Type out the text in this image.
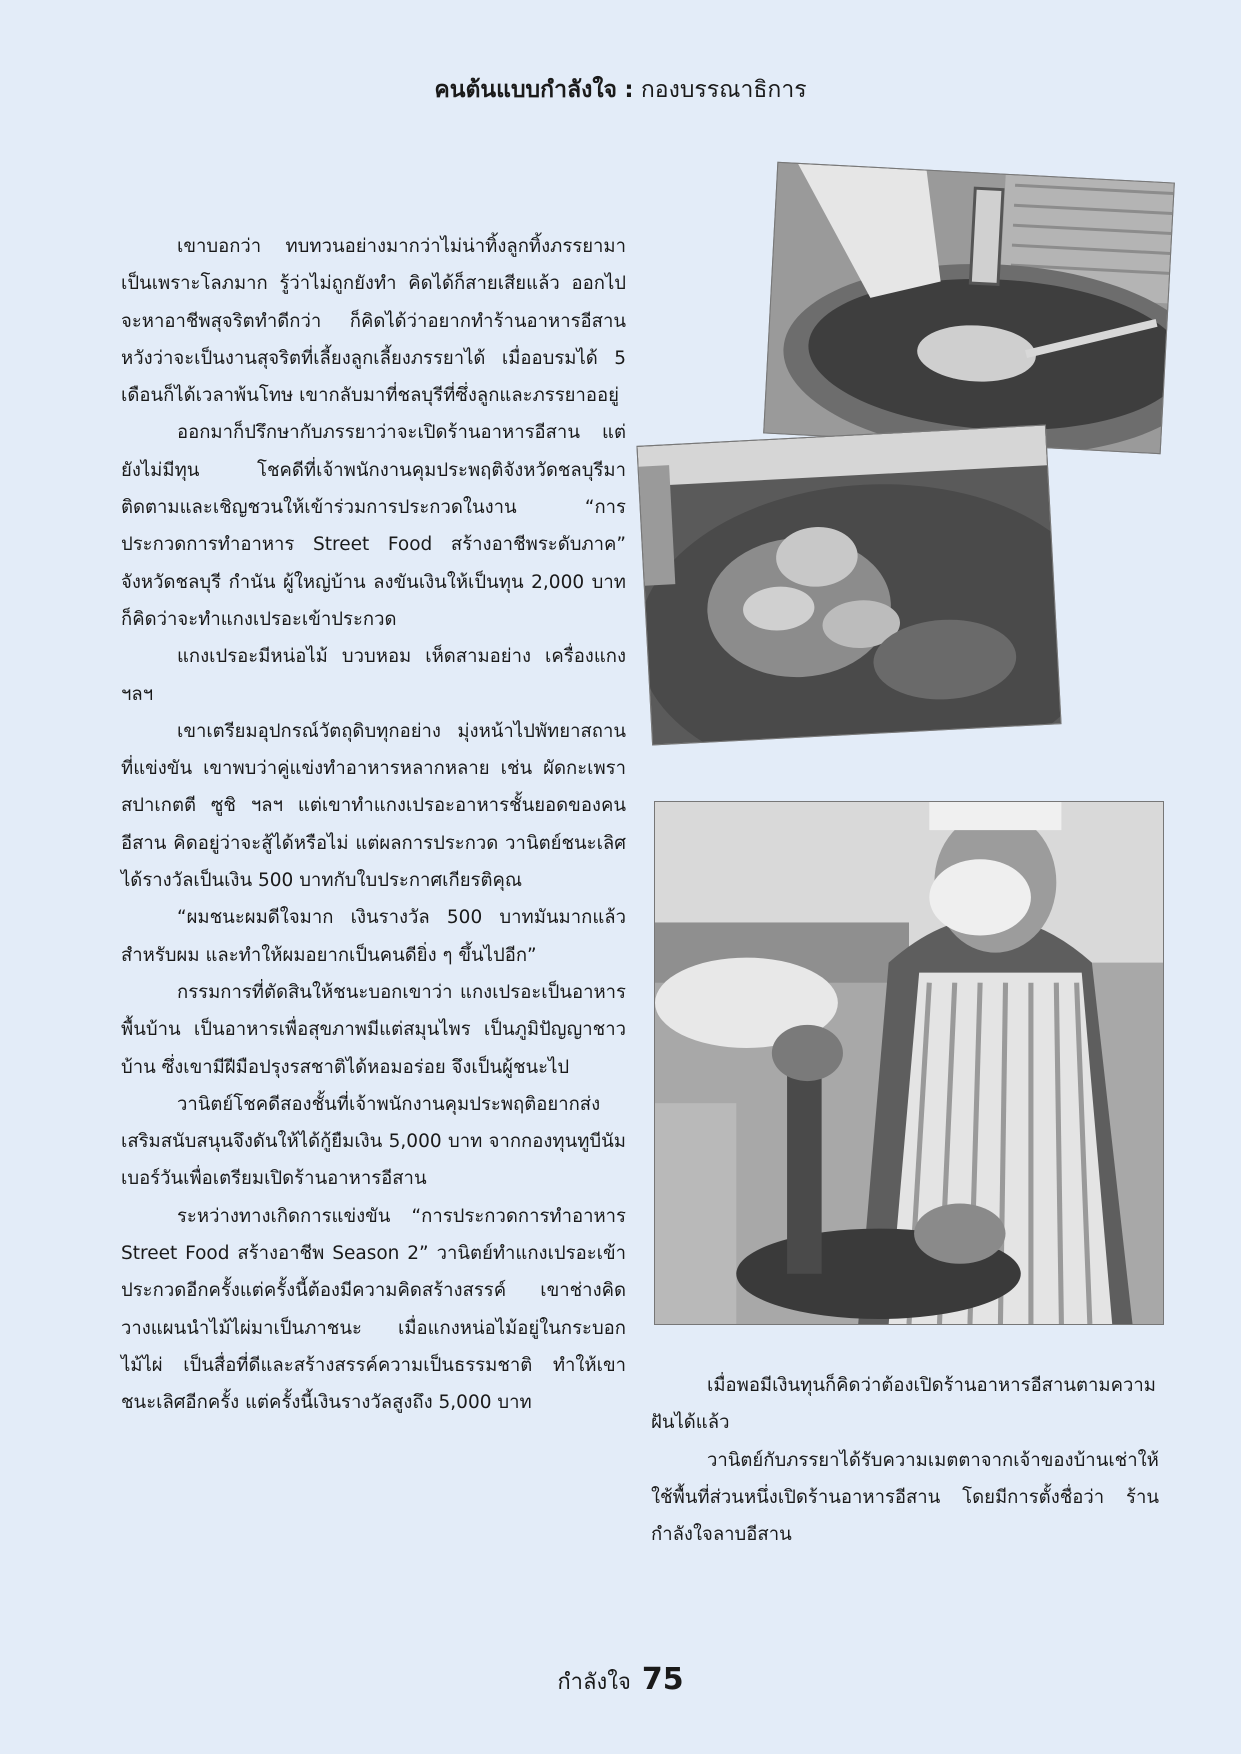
คนต้นแบบกำลังใจ : กองบรรณาธิการ

เขาบอกว่า ทบทวนอย่างมากว่าไม่น่าทิ้งลูกทิ้งภรรยามา เป็นเพราะโลภมาก รู้ว่าไม่ถูกยังทำ คิดได้ก็สายเสียแล้ว ออกไปจะหาอาชีพสุจริตทำดีกว่า ก็คิดได้ว่าอยากทำร้านอาหารอีสาน หวังว่าจะเป็นงานสุจริตที่เลี้ยงลูกเลี้ยงภรรยาได้ เมื่ออบรมได้ 5 เดือนก็ได้เวลาพ้นโทษ เขากลับมาที่ชลบุรีที่ซึ่งลูกและภรรยาออยู่

ออกมาก็ปรึกษากับภรรยาว่าจะเปิดร้านอาหารอีสาน แต่ยังไม่มีทุน โชคดีที่เจ้าพนักงานคุมประพฤติจังหวัดชลบุรีมาติดตามและเชิญชวนให้เข้าร่วมการประกวดในงาน “การประกวดการทำอาหาร Street Food สร้างอาชีพระดับภาค” จังหวัดชลบุรี กำนัน ผู้ใหญ่บ้าน ลงขันเงินให้เป็นทุน 2,000 บาท ก็คิดว่าจะทำแกงเปรอะเข้าประกวด

แกงเปรอะมีหน่อไม้ บวบหอม เห็ดสามอย่าง เครื่องแกง ฯลฯ

เขาเตรียมอุปกรณ์วัตถุดิบทุกอย่าง มุ่งหน้าไปพัทยาสถานที่แข่งขัน เขาพบว่าคู่แข่งทำอาหารหลากหลาย เช่น ผัดกะเพรา สปาเกตตี ซูชิ ฯลฯ แต่เขาทำแกงเปรอะอาหารชั้นยอดของคนอีสาน คิดอยู่ว่าจะสู้ได้หรือไม่ แต่ผลการประกวด วานิตย์ชนะเลิศ ได้รางวัลเป็นเงิน 500 บาทกับใบประกาศเกียรติคุณ

“ผมชนะผมดีใจมาก เงินรางวัล 500 บาทมันมากแล้วสำหรับผม และทำให้ผมอยากเป็นคนดียิ่ง ๆ ขึ้นไปอีก”

กรรมการที่ตัดสินให้ชนะบอกเขาว่า แกงเปรอะเป็นอาหารพื้นบ้าน เป็นอาหารเพื่อสุขภาพมีแต่สมุนไพร เป็นภูมิปัญญาชาวบ้าน ซึ่งเขามีฝีมือปรุงรสชาติได้หอมอร่อย จึงเป็นผู้ชนะไป

วานิตย์โชคดีสองชั้นที่เจ้าพนักงานคุมประพฤติอยากส่งเสริมสนับสนุนจึงดันให้ได้กู้ยืมเงิน 5,000 บาท จากกองทุนทูบีนัมเบอร์วันเพื่อเตรียมเปิดร้านอาหารอีสาน

ระหว่างทางเกิดการแข่งขัน “การประกวดการทำอาหาร Street Food สร้างอาชีพ Season 2” วานิตย์ทำแกงเปรอะเข้าประกวดอีกครั้งแต่ครั้งนี้ต้องมีความคิดสร้างสรรค์ เขาช่างคิดวางแผนนำไม้ไผ่มาเป็นภาชนะ เมื่อแกงหน่อไม้อยู่ในกระบอกไม้ไผ่ เป็นสื่อที่ดีและสร้างสรรค์ความเป็นธรรมชาติ ทำให้เขาชนะเลิศอีกครั้ง แต่ครั้งนี้เงินรางวัลสูงถึง 5,000 บาท

เมื่อพอมีเงินทุนก็คิดว่าต้องเปิดร้านอาหารอีสานตามความฝันได้แล้ว

วานิตย์กับภรรยาได้รับความเมตตาจากเจ้าของบ้านเช่าให้ใช้พื้นที่ส่วนหนึ่งเปิดร้านอาหารอีสาน โดยมีการตั้งชื่อว่า ร้านกำลังใจลาบอีสาน

กำลังใจ 75
